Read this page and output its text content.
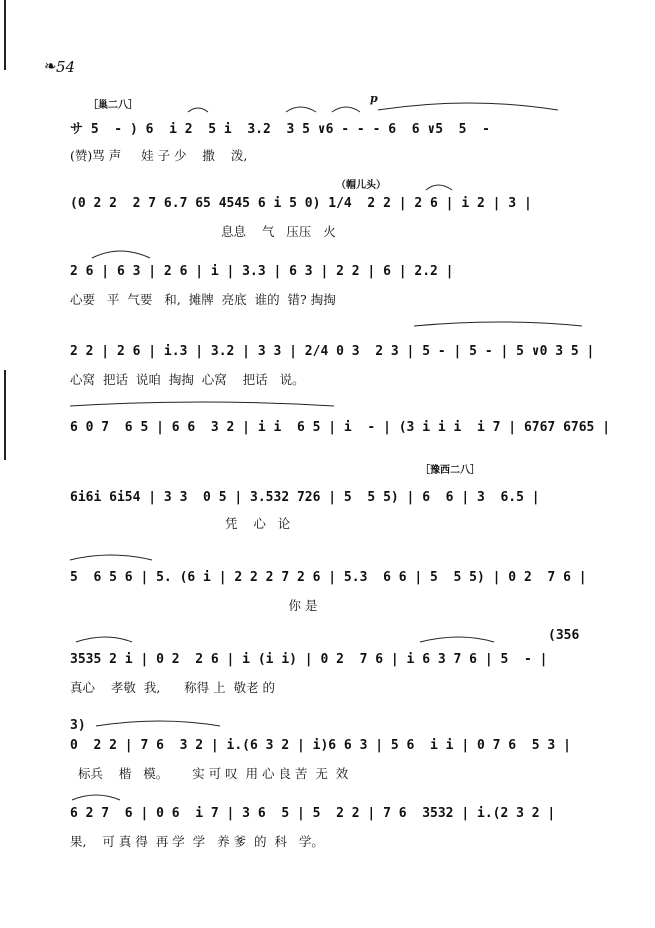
❧ 54
［巢二八］
p
（帽儿头）
［豫西二八］
(356
3)
サ 5  - ) 6  i 2  5 i  3.2  3 5 ∨6 - - - 6  6 ∨5  5  -
(赞)骂 声     娃 子 少    撒    泼,
(0 2 2  2 7 6.7 65 4545 6 i 5 0) 1/4  2 2 | 2 6 | i 2 | 3 |
息息    气   压压   火
2 6 | 6 3 | 2 6 | i | 3.3 | 6 3 | 2 2 | 6 | 2.2 |
心要   平  气要   和,  摊牌  亮底  谁的  错? 掏掏
2 2 | 2 6 | i.3 | 3.2 | 3 3 | 2/4 0 3  2 3 | 5 - | 5 - | 5 ∨0 3 5 |
心窝  把话  说咱  掏掏  心窝    把话   说。
6 0 7  6 5 | 6 6  3 2 | i i  6 5 | i  - | (3 i i i  i 7 | 6767 6765 |
6i6i 6i54 | 3 3  0 5 | 3.532 726 | 5  5 5) | 6  6 | 3  6.5 |
凭    心   论
5  6 5 6 | 5. (6 i | 2 2 2 7 2 6 | 5.3  6 6 | 5  5 5) | 0 2  7 6 |
你 是
3535 2 i | 0 2  2 6 | i (i i) | 0 2  7 6 | i 6 3 7 6 | 5  - |
真心    孝敬  我,      称得 上  敬老 的
0  2 2 | 7 6  3 2 | i.(6 3 2 | i)6 6 3 | 5 6  i i | 0 7 6  5 3 |
标兵    楷   模。      实 可 叹  用 心 良 苦  无  效
6 2 7  6 | 0 6  i 7 | 3 6  5 | 5  2 2 | 7 6  3532 | i.(2 3 2 |
果,    可 真 得  再 学  学   养 爹  的  科   学。
